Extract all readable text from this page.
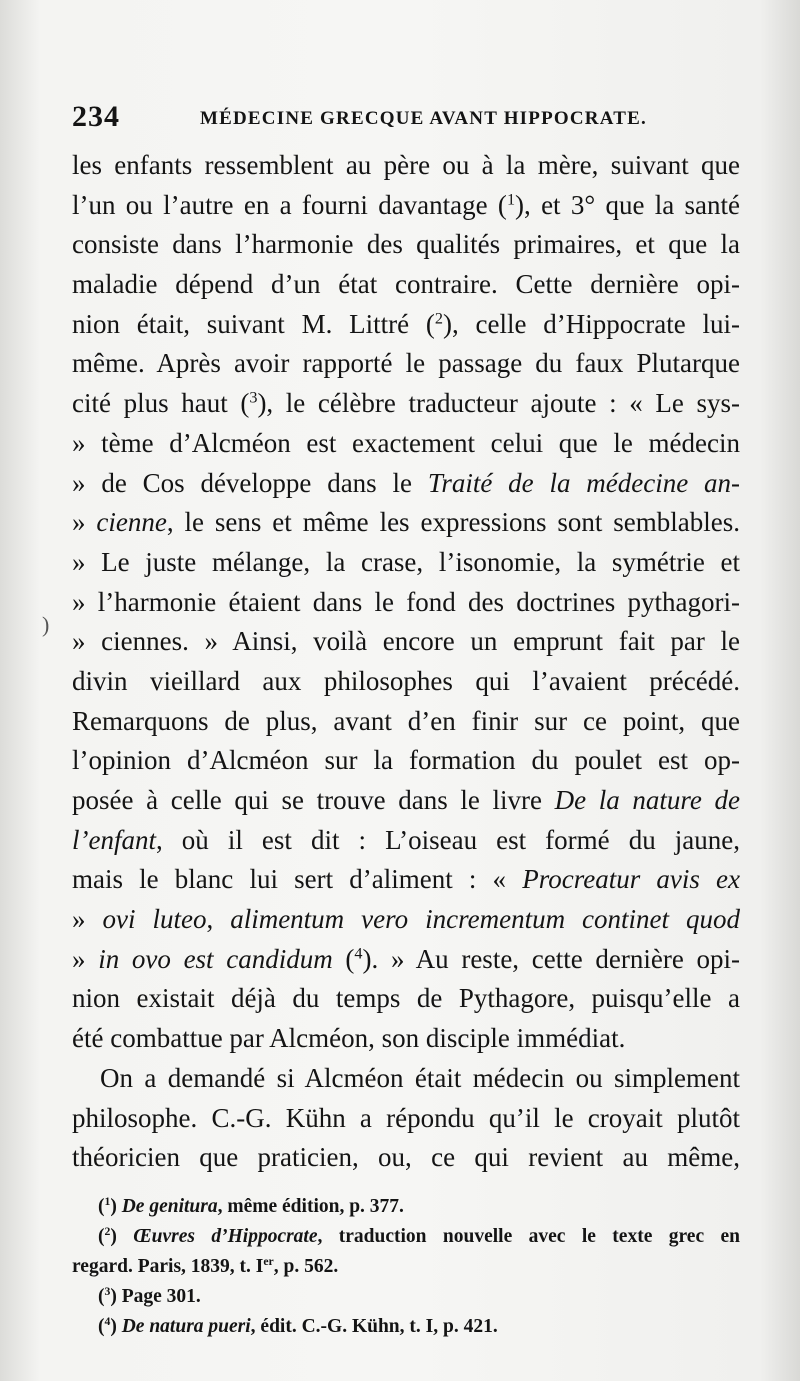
234	MÉDECINE GRECQUE AVANT HIPPOCRATE.
)
les enfants ressemblent au père ou à la mère, suivant que
l’un ou l’autre en a fourni davantage ($^1$), et 3° que la santé
consiste dans l’harmonie des qualités primaires, et que la
maladie dépend d’un état contraire. Cette dernière opi-
nion était, suivant M. Littré ($^2$), celle d’Hippocrate lui-
même. Après avoir rapporté le passage du faux Plutarque
cité plus haut ($^3$), le célèbre traducteur ajoute : « Le sys-
» tème d’Alcméon est exactement celui que le médecin
» de Cos développe dans le Traité de la médecine an-
» cienne, le sens et même les expressions sont semblables.
» Le juste mélange, la crase, l’isonomie, la symétrie et
» l’harmonie étaient dans le fond des doctrines pythagori-
» ciennes. » Ainsi, voilà encore un emprunt fait par le
divin vieillard aux philosophes qui l’avaient précédé.
Remarquons de plus, avant d’en finir sur ce point, que
l’opinion d’Alcméon sur la formation du poulet est op-
posée à celle qui se trouve dans le livre De la nature de
l’enfant, où il est dit : L’oiseau est formé du jaune,
mais le blanc lui sert d’aliment : « Procreatur avis ex
» ovi luteo, alimentum vero incrementum continet quod
» in ovo est candidum ($^4$). » Au reste, cette dernière opi-
nion existait déjà du temps de Pythagore, puisqu’elle a
été combattue par Alcméon, son disciple immédiat.
On a demandé si Alcméon était médecin ou simplement
philosophe. C.-G. Kühn a répondu qu’il le croyait plutôt
théoricien que praticien, ou, ce qui revient au même,
($^1$) De genitura, même édition, p. 377.
($^2$) Œuvres d’Hippocrate, traduction nouvelle avec le texte grec en
regard. Paris, 1839, t. Ier, p. 562.
($^3$) Page 301.
($^4$) De natura pueri, édit. C.-G. Kühn, t. I, p. 421.
